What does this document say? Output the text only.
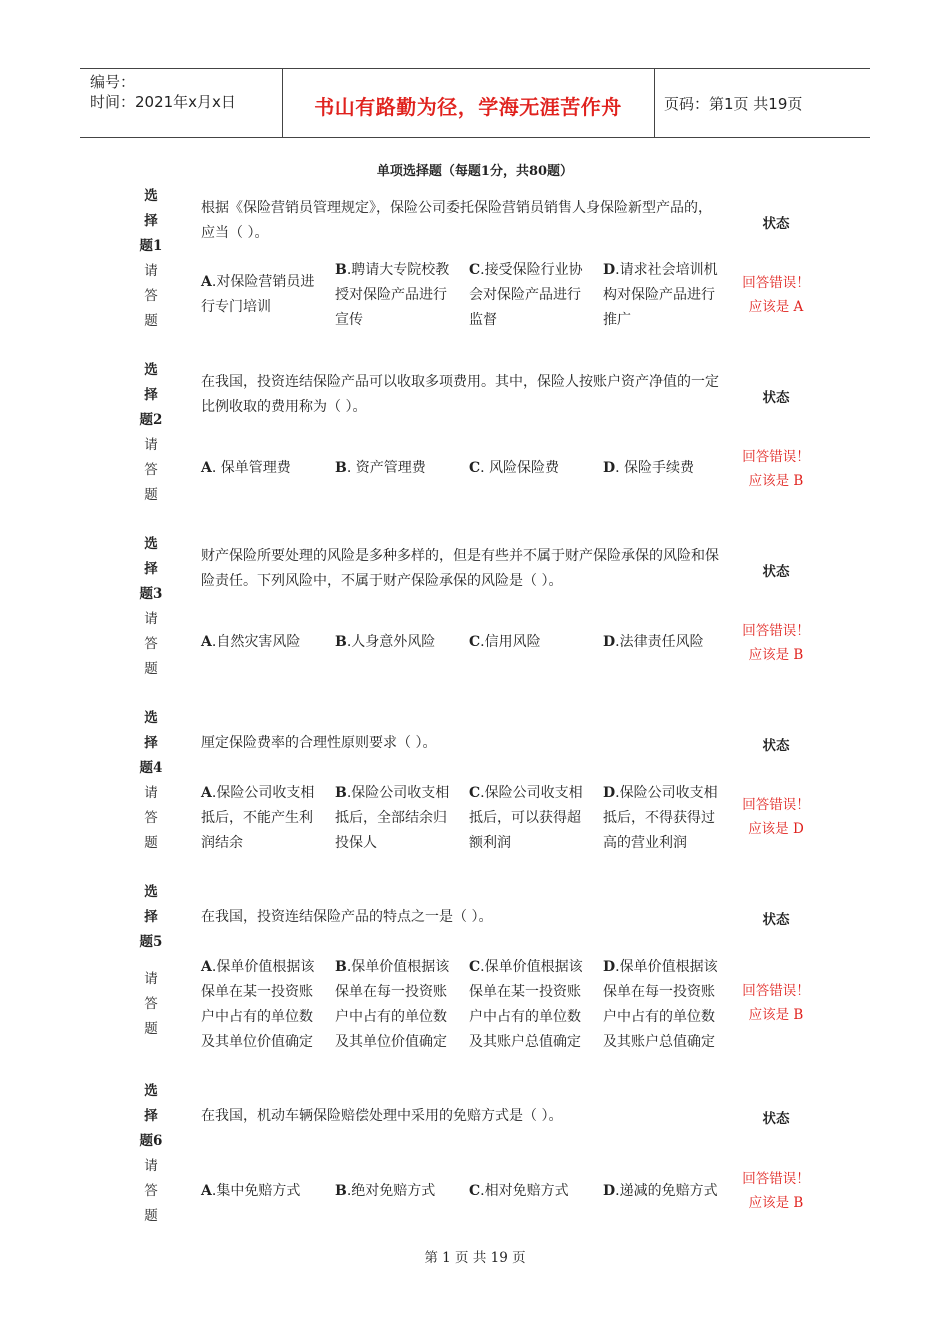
编号：
时间：2021年x月x日	书山有路勤为径，学海无涯苦作舟	页码：第1页 共19页
单项选择题（每题1分，共80题）
选
择
题1
请
答
题
根据《保险营销员管理规定》，保险公司委托保险营销员销售人身保险新型产品的，应当（ ）。
状态
A.对保险营销员进行专门培训
B.聘请大专院校教授对保险产品进行宣传
C.接受保险行业协会对保险产品进行监督
D.请求社会培训机构对保险产品进行推广
回答错误！
应该是 A
选
择
题2
请
答
题
在我国，投资连结保险产品可以收取多项费用。其中，保险人按账户资产净值的一定比例收取的费用称为（ ）。
状态
A. 保单管理费	B. 资产管理费	C. 风险保险费	D. 保险手续费
回答错误！
应该是 B
选
择
题3
请
答
题
财产保险所要处理的风险是多种多样的，但是有些并不属于财产保险承保的风险和保险责任。下列风险中，不属于财产保险承保的风险是（ ）。
状态
A.自然灾害风险	B.人身意外风险	C.信用风险	D.法律责任风险
回答错误！
应该是 B
选
择
题4
请
答
题
厘定保险费率的合理性原则要求（ ）。	状态
A.保险公司收支相抵后，不能产生利润结余
B.保险公司收支相抵后，全部结余归投保人
C.保险公司收支相抵后，可以获得超额利润
D.保险公司收支相抵后，不得获得过高的营业利润
回答错误！
应该是 D
选
择
题5
请
答
题
在我国，投资连结保险产品的特点之一是（ ）。	状态
A.保单价值根据该保单在某一投资账户中占有的单位数及其单位价值确定
B.保单价值根据该保单在每一投资账户中占有的单位数及其单位价值确定
C.保单价值根据该保单在某一投资账户中占有的单位数及其账户总值确定
D.保单价值根据该保单在每一投资账户中占有的单位数及其账户总值确定
回答错误！
应该是 B
选
择
题6
请
答
题
在我国，机动车辆保险赔偿处理中采用的免赔方式是（ ）。	状态
A.集中免赔方式	B.绝对免赔方式	C.相对免赔方式	D.递减的免赔方式
回答错误！
应该是 B
第 1 页 共 19 页
